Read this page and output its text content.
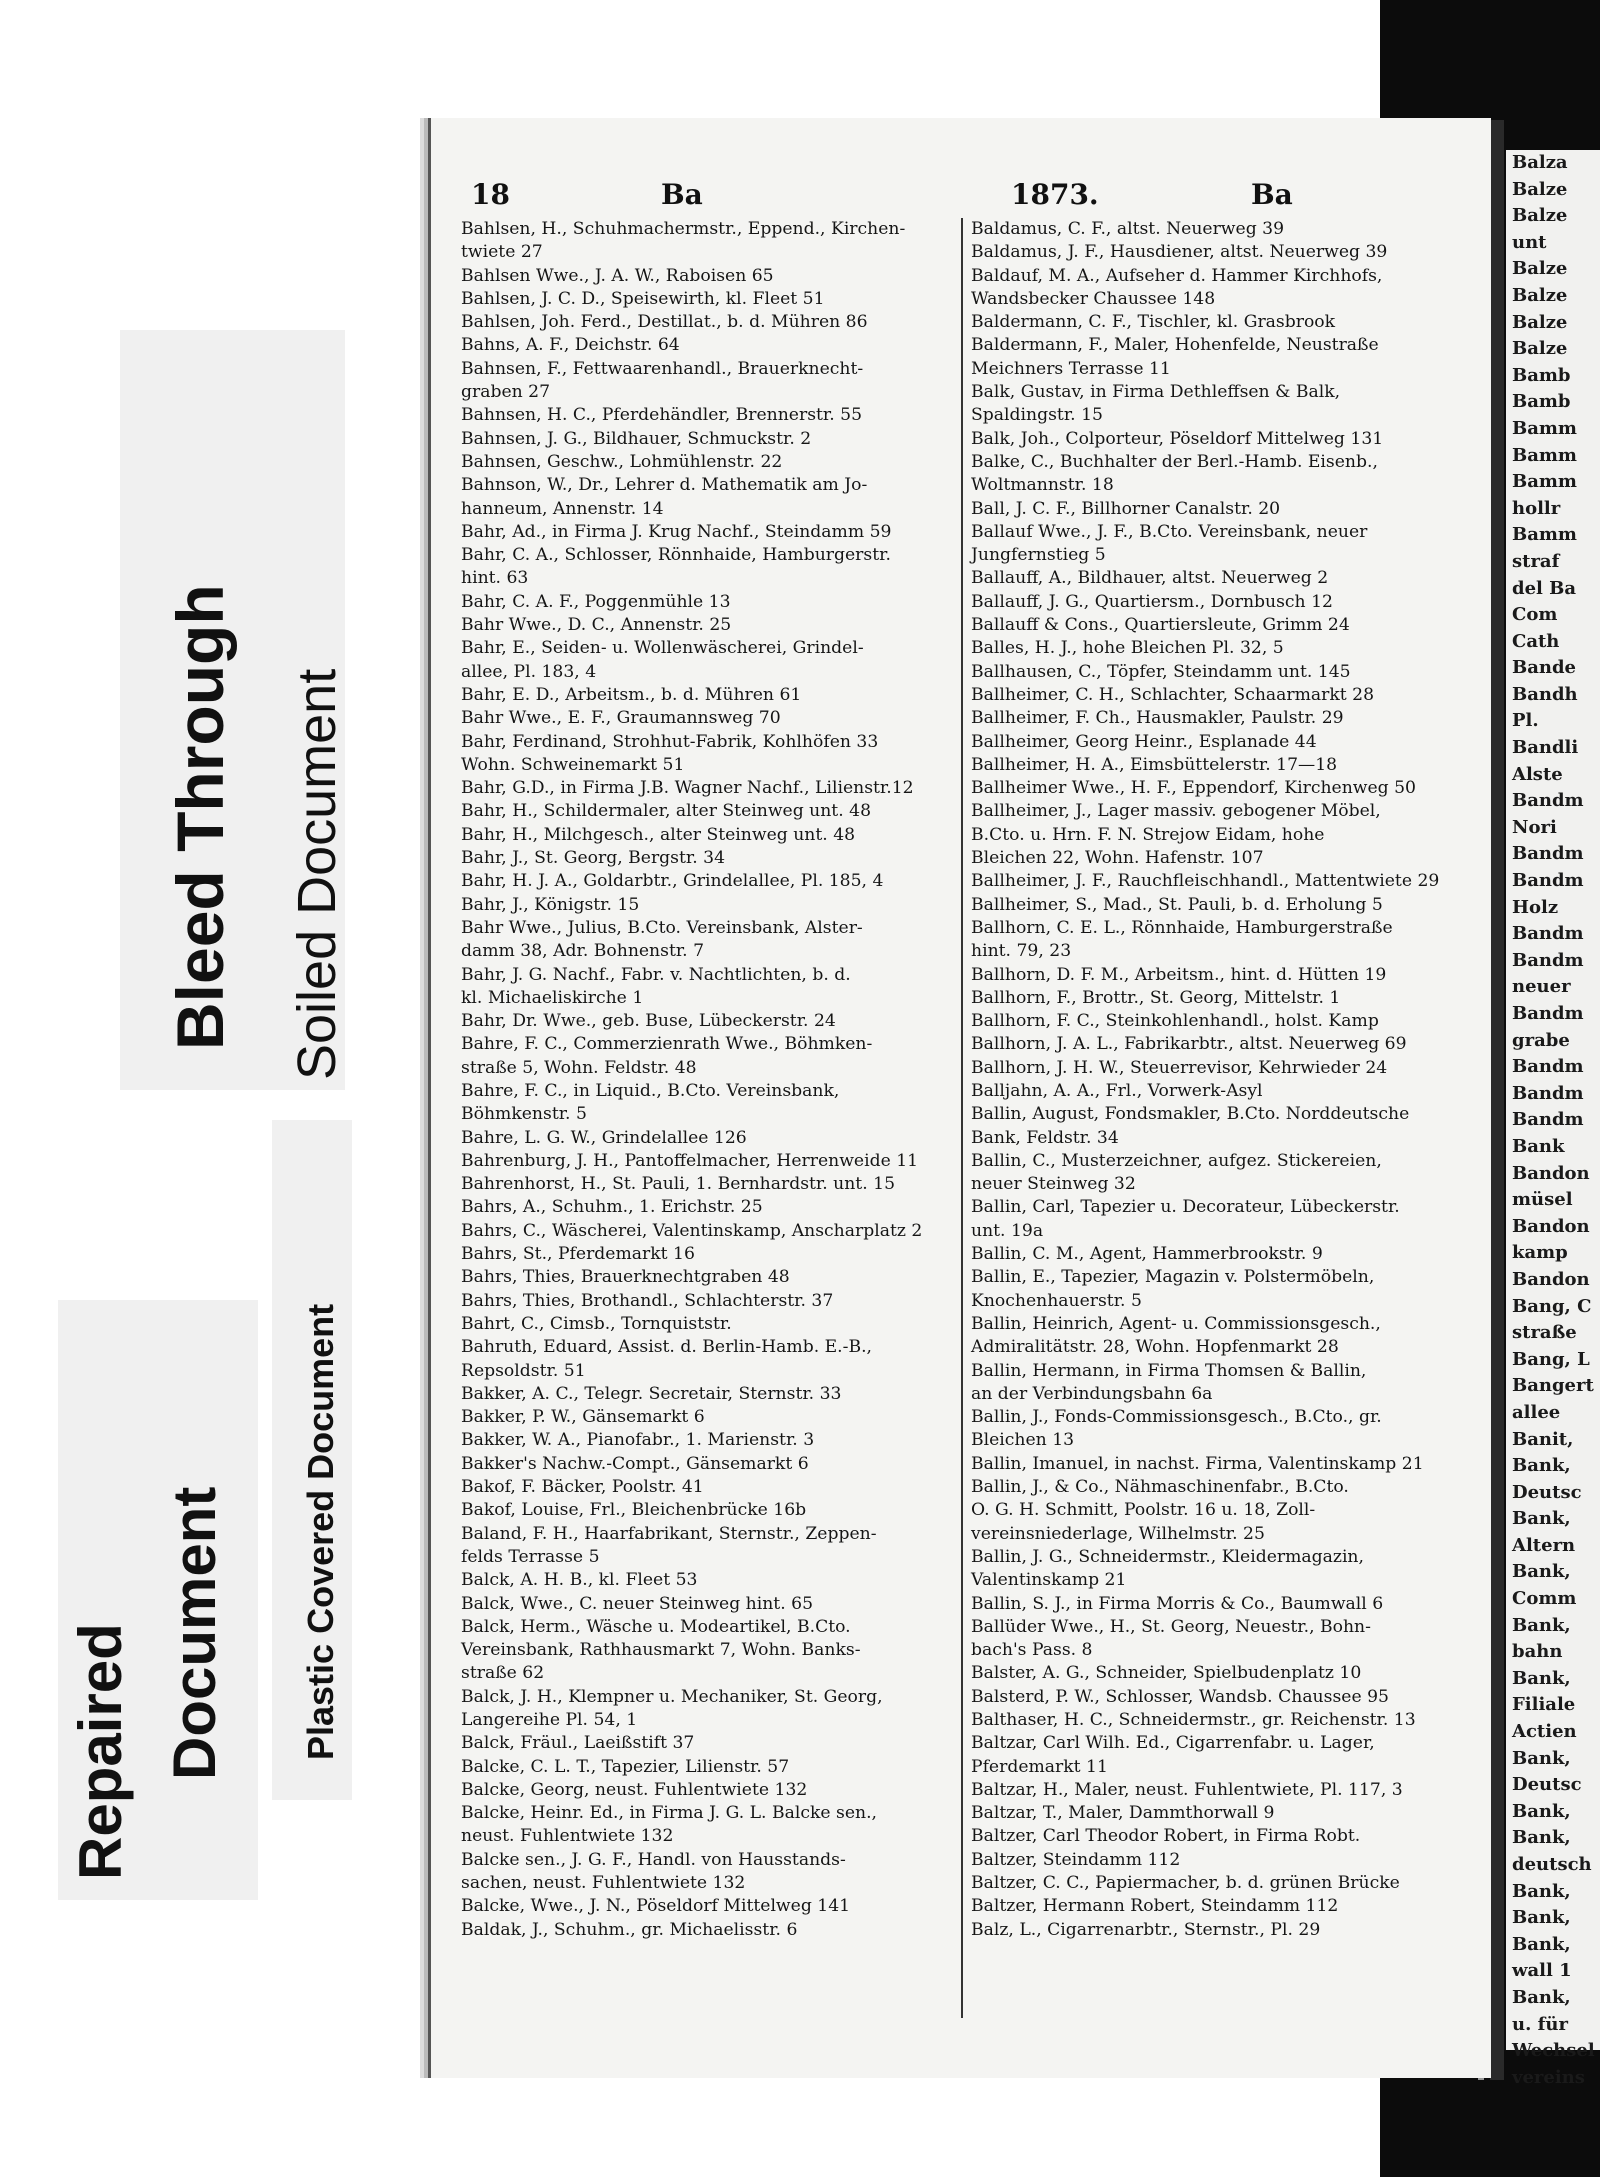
Balza
Balze
Balze
unt
Balze
Balze
Balze
Balze
Bamb
Bamb
Bamm
Bamm
Bamm
hollr
Bamm
straf
del Ba
Com
Cath
Bande
Bandh
Pl.
Bandli
Alste
Bandm
Nori
Bandm
Bandm
Holz
Bandm
Bandm
neuer
Bandm
grabe
Bandm
Bandm
Bandm
Bank
Bandon
müsel
Bandon
kamp
Bandon
Bang, C
straße
Bang, L
Bangert
allee
Banit,
Bank,
Deutsc
Bank,
Altern
Bank,
Comm
Bank,
bahn
Bank,
Filiale
Actien
Bank,
Deutsc
Bank,
Bank,
deutsch
Bank,
Bank,
Bank,
wall 1
Bank,
u. für
Wechsel
vereins
18	Ba	1873.	Ba
Bahlsen, H., Schuhmachermstr., Eppend., Kirchen-
twiete 27
Bahlsen Wwe., J. A. W., Raboisen 65
Bahlsen, J. C. D., Speisewirth, kl. Fleet 51
Bahlsen, Joh. Ferd., Destillat., b. d. Mühren 86
Bahns, A. F., Deichstr. 64
Bahnsen, F., Fettwaarenhandl., Brauerknecht-
graben 27
Bahnsen, H. C., Pferdehändler, Brennerstr. 55
Bahnsen, J. G., Bildhauer, Schmuckstr. 2
Bahnsen, Geschw., Lohmühlenstr. 22
Bahnson, W., Dr., Lehrer d. Mathematik am Jo-
hanneum, Annenstr. 14
Bahr, Ad., in Firma J. Krug Nachf., Steindamm 59
Bahr, C. A., Schlosser, Rönnhaide, Hamburgerstr.
hint. 63
Bahr, C. A. F., Poggenmühle 13
Bahr Wwe., D. C., Annenstr. 25
Bahr, E., Seiden- u. Wollenwäscherei, Grindel-
allee, Pl. 183, 4
Bahr, E. D., Arbeitsm., b. d. Mühren 61
Bahr Wwe., E. F., Graumannsweg 70
Bahr, Ferdinand, Strohhut-Fabrik, Kohlhöfen 33
Wohn. Schweinemarkt 51
Bahr, G.D., in Firma J.B. Wagner Nachf., Lilienstr.12
Bahr, H., Schildermaler, alter Steinweg unt. 48
Bahr, H., Milchgesch., alter Steinweg unt. 48
Bahr, J., St. Georg, Bergstr. 34
Bahr, H. J. A., Goldarbtr., Grindelallee, Pl. 185, 4
Bahr, J., Königstr. 15
Bahr Wwe., Julius, B.Cto. Vereinsbank, Alster-
damm 38, Adr. Bohnenstr. 7
Bahr, J. G. Nachf., Fabr. v. Nachtlichten, b. d.
kl. Michaeliskirche 1
Bahr, Dr. Wwe., geb. Buse, Lübeckerstr. 24
Bahre, F. C., Commerzienrath Wwe., Böhmken-
straße 5, Wohn. Feldstr. 48
Bahre, F. C., in Liquid., B.Cto. Vereinsbank,
Böhmkenstr. 5
Bahre, L. G. W., Grindelallee 126
Bahrenburg, J. H., Pantoffelmacher, Herrenweide 11
Bahrenhorst, H., St. Pauli, 1. Bernhardstr. unt. 15
Bahrs, A., Schuhm., 1. Erichstr. 25
Bahrs, C., Wäscherei, Valentinskamp, Anscharplatz 2
Bahrs, St., Pferdemarkt 16
Bahrs, Thies, Brauerknechtgraben 48
Bahrs, Thies, Brothandl., Schlachterstr. 37
Bahrt, C., Cimsb., Tornquiststr.
Bahruth, Eduard, Assist. d. Berlin-Hamb. E.-B.,
Repsoldstr. 51
Bakker, A. C., Telegr. Secretair, Sternstr. 33
Bakker, P. W., Gänsemarkt 6
Bakker, W. A., Pianofabr., 1. Marienstr. 3
Bakker's Nachw.-Compt., Gänsemarkt 6
Bakof, F. Bäcker, Poolstr. 41
Bakof, Louise, Frl., Bleichenbrücke 16b
Baland, F. H., Haarfabrikant, Sternstr., Zeppen-
felds Terrasse 5
Balck, A. H. B., kl. Fleet 53
Balck, Wwe., C. neuer Steinweg hint. 65
Balck, Herm., Wäsche u. Modeartikel, B.Cto.
Vereinsbank, Rathhausmarkt 7, Wohn. Banks-
straße 62
Balck, J. H., Klempner u. Mechaniker, St. Georg,
Langereihe Pl. 54, 1
Balck, Fräul., Laeißstift 37
Balcke, C. L. T., Tapezier, Lilienstr. 57
Balcke, Georg, neust. Fuhlentwiete 132
Balcke, Heinr. Ed., in Firma J. G. L. Balcke sen.,
neust. Fuhlentwiete 132
Balcke sen., J. G. F., Handl. von Hausstands-
sachen, neust. Fuhlentwiete 132
Balcke, Wwe., J. N., Pöseldorf Mittelweg 141
Baldak, J., Schuhm., gr. Michaelisstr. 6
Baldamus, C. F., altst. Neuerweg 39
Baldamus, J. F., Hausdiener, altst. Neuerweg 39
Baldauf, M. A., Aufseher d. Hammer Kirchhofs,
Wandsbecker Chaussee 148
Baldermann, C. F., Tischler, kl. Grasbrook
Baldermann, F., Maler, Hohenfelde, Neustraße
Meichners Terrasse 11
Balk, Gustav, in Firma Dethleffsen & Balk,
Spaldingstr. 15
Balk, Joh., Colporteur, Pöseldorf Mittelweg 131
Balke, C., Buchhalter der Berl.-Hamb. Eisenb.,
Woltmannstr. 18
Ball, J. C. F., Billhorner Canalstr. 20
Ballauf Wwe., J. F., B.Cto. Vereinsbank, neuer
Jungfernstieg 5
Ballauff, A., Bildhauer, altst. Neuerweg 2
Ballauff, J. G., Quartiersm., Dornbusch 12
Ballauff & Cons., Quartiersleute, Grimm 24
Balles, H. J., hohe Bleichen Pl. 32, 5
Ballhausen, C., Töpfer, Steindamm unt. 145
Ballheimer, C. H., Schlachter, Schaarmarkt 28
Ballheimer, F. Ch., Hausmakler, Paulstr. 29
Ballheimer, Georg Heinr., Esplanade 44
Ballheimer, H. A., Eimsbüttelerstr. 17—18
Ballheimer Wwe., H. F., Eppendorf, Kirchenweg 50
Ballheimer, J., Lager massiv. gebogener Möbel,
B.Cto. u. Hrn. F. N. Strejow Eidam, hohe
Bleichen 22, Wohn. Hafenstr. 107
Ballheimer, J. F., Rauchfleischhandl., Mattentwiete 29
Ballheimer, S., Mad., St. Pauli, b. d. Erholung 5
Ballhorn, C. E. L., Rönnhaide, Hamburgerstraße
hint. 79, 23
Ballhorn, D. F. M., Arbeitsm., hint. d. Hütten 19
Ballhorn, F., Brottr., St. Georg, Mittelstr. 1
Ballhorn, F. C., Steinkohlenhandl., holst. Kamp
Ballhorn, J. A. L., Fabrikarbtr., altst. Neuerweg 69
Ballhorn, J. H. W., Steuerrevisor, Kehrwieder 24
Balljahn, A. A., Frl., Vorwerk-Asyl
Ballin, August, Fondsmakler, B.Cto. Norddeutsche
Bank, Feldstr. 34
Ballin, C., Musterzeichner, aufgez. Stickereien,
neuer Steinweg 32
Ballin, Carl, Tapezier u. Decorateur, Lübeckerstr.
unt. 19a
Ballin, C. M., Agent, Hammerbrookstr. 9
Ballin, E., Tapezier, Magazin v. Polstermöbeln,
Knochenhauerstr. 5
Ballin, Heinrich, Agent- u. Commissionsgesch.,
Admiralitätstr. 28, Wohn. Hopfenmarkt 28
Ballin, Hermann, in Firma Thomsen & Ballin,
an der Verbindungsbahn 6a
Ballin, J., Fonds-Commissionsgesch., B.Cto., gr.
Bleichen 13
Ballin, Imanuel, in nachst. Firma, Valentinskamp 21
Ballin, J., & Co., Nähmaschinenfabr., B.Cto.
O. G. H. Schmitt, Poolstr. 16 u. 18, Zoll-
vereinsniederlage, Wilhelmstr. 25
Ballin, J. G., Schneidermstr., Kleidermagazin,
Valentinskamp 21
Ballin, S. J., in Firma Morris & Co., Baumwall 6
Ballüder Wwe., H., St. Georg, Neuestr., Bohn-
bach's Pass. 8
Balster, A. G., Schneider, Spielbudenplatz 10
Balsterd, P. W., Schlosser, Wandsb. Chaussee 95
Balthaser, H. C., Schneidermstr., gr. Reichenstr. 13
Baltzar, Carl Wilh. Ed., Cigarrenfabr. u. Lager,
Pferdemarkt 11
Baltzar, H., Maler, neust. Fuhlentwiete, Pl. 117, 3
Baltzar, T., Maler, Dammthorwall 9
Baltzer, Carl Theodor Robert, in Firma Robt.
Baltzer, Steindamm 112
Baltzer, C. C., Papiermacher, b. d. grünen Brücke
Baltzer, Hermann Robert, Steindamm 112
Balz, L., Cigarrenarbtr., Sternstr., Pl. 29
Bleed Through Soiled Document
Plastic Covered Document
Repaired Document
